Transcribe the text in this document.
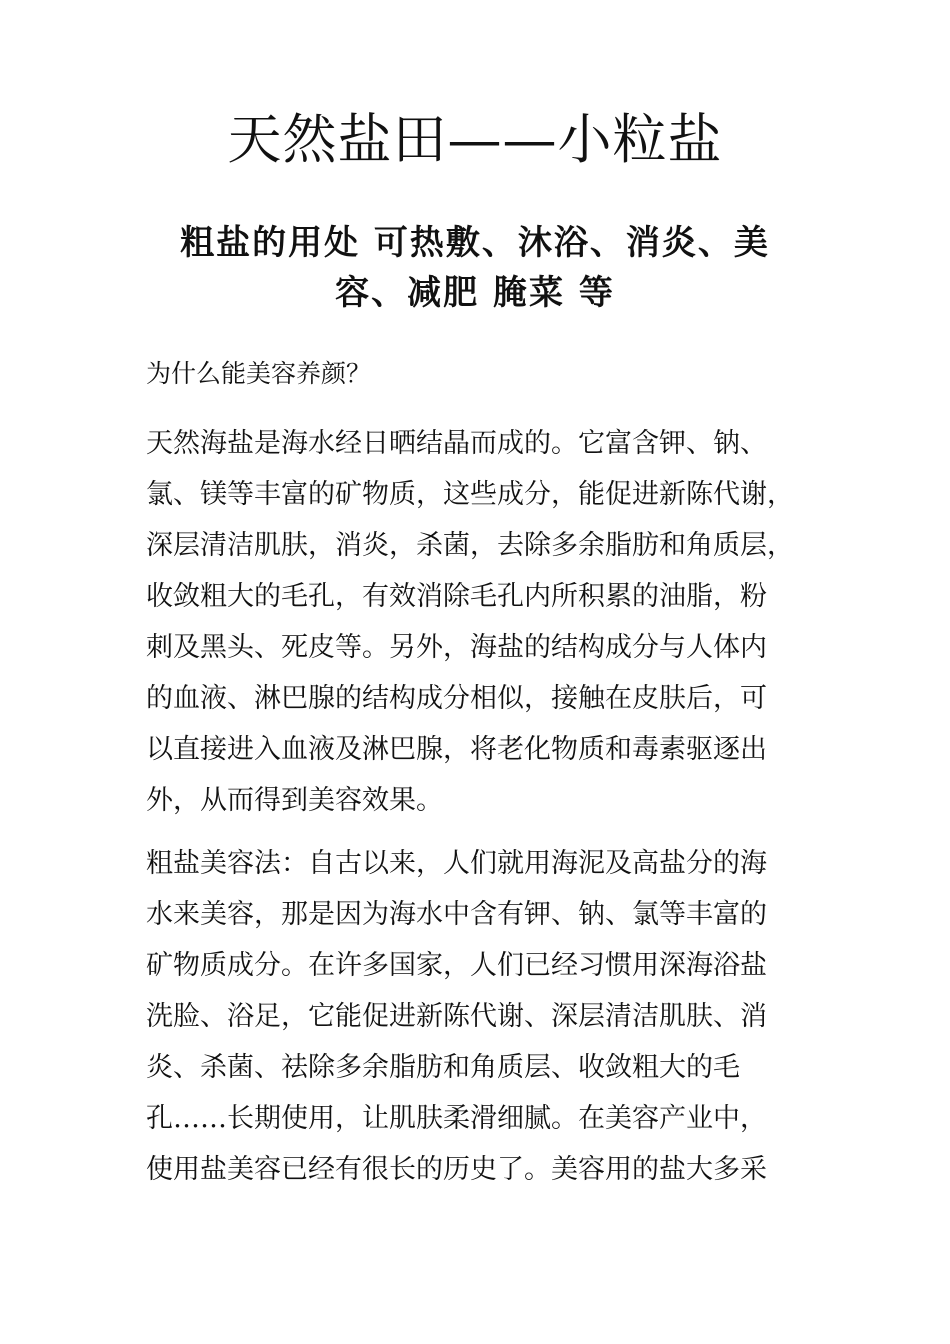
天然盐田——小粒盐
粗盐的用处 可热敷、沐浴、消炎、美
容、减肥 腌菜 等

为什么能美容养颜？

天然海盐是海水经日晒结晶而成的。它富含钾、钠、
氯、镁等丰富的矿物质，这些成分，能促进新陈代谢，
深层清洁肌肤，消炎，杀菌，去除多余脂肪和角质层，
收敛粗大的毛孔，有效消除毛孔内所积累的油脂，粉
刺及黑头、死皮等。另外，海盐的结构成分与人体内
的血液、淋巴腺的结构成分相似，接触在皮肤后，可
以直接进入血液及淋巴腺，将老化物质和毒素驱逐出
外，从而得到美容效果。
粗盐美容法：自古以来，人们就用海泥及高盐分的海
水来美容，那是因为海水中含有钾、钠、氯等丰富的
矿物质成分。在许多国家，人们已经习惯用深海浴盐
洗脸、浴足，它能促进新陈代谢、深层清洁肌肤、消
炎、杀菌、祛除多余脂肪和角质层、收敛粗大的毛
孔……长期使用，让肌肤柔滑细腻。在美容产业中，
使用盐美容已经有很长的历史了。美容用的盐大多采
